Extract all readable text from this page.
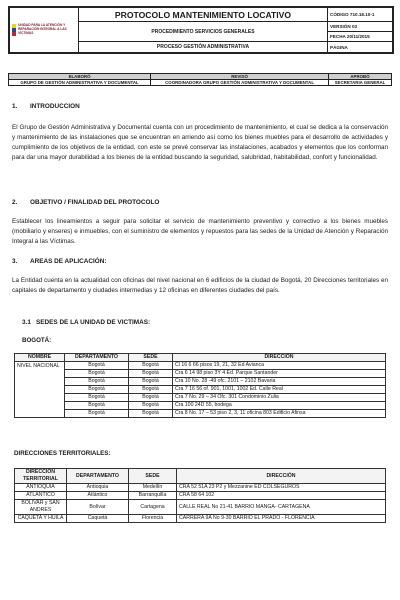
UNIDAD PARA LA ATENCIÓN Y REPARACIÓN INTEGRAL A LAS VÍCTIMAS	PROTOCOLO MANTENIMIENTO LOCATIVO	CÓDIGO 710.18.10-1
	PROCEDIMIENTO SERVICIOS GENERALES	VERSIÓN 03
		FECHA 20/11/2015
	PROCESO GESTIÓN ADMINISTRATIVA	PÁGINA
ELABORÓ	REVISÓ	APROBÓ
GRUPO DE GESTIÓN ADMINISTRATIVA Y DOCUMENTAL	COORDINADORA GRUPO GESTIÓN ADMINISTRATIVA Y DOCUMENTAL	SECRETARIA GENERAL
1. INTRODUCCION
El Grupo de Gestión Administrativa y Documental cuenta con un procedimiento de mantenimiento, el cual se dedica a la conservación y mantenimiento de las instalaciones que se encuentran en arriendo así como los bienes muebles para el desarrollo de actividades y cumplimiento de los objetivos de la entidad, con este se prevé conservar las instalaciones, acabados y elementos que los conforman para dar una mayor durabilidad a los bienes de la entidad buscando la seguridad, salubridad, habitabilidad, confort y funcionalidad.
2. OBJETIVO / FINALIDAD DEL PROTOCOLO
Establecer los lineamientos a seguir para solicitar el servicio de mantenimiento preventivo y correctivo a los bienes muebles (mobiliario y enseres) e inmuebles, con el suministro de elementos y repuestos para las sedes de la Unidad de Atención y Reparación Integral a las Víctimas.
3. AREAS DE APLICACIÓN:
La Entidad cuenta en la actualidad con oficinas del nivel nacional en 6 edificios de la ciudad de Bogotá, 20 Direcciones territoriales en capitales de departamento y ciudades intermedias y 12 oficinas en diferentes ciudades del país.
3.1 SEDES DE LA UNIDAD DE VICTIMAS:
BOGOTÁ:
NOMBRE	DEPARTAMENTO	SEDE	DIRECCIÓN
NIVEL NACIONAL	Bogotá	Bogotá	Cl 16 6 66 pisos 19, 21, 32 Ed Avianca
	Bogotá	Bogotá	Cra 6 14 98 piso 3Y 4 Ed. Parque Santander
	Bogotá	Bogotá	Cra 10 No. 28 -49 ofc. 2101 – 2102 Bavaria
	Bogotá	Bogotá	Cra 7 16 56 of. 901, 1001, 1002 Ed. Calle Real
	Bogotá	Bogotá	Cra 7 No. 29 – 34 Ofc. 301 Condominio Zulia
	Bogotá	Bogotá	Cra 100 24D 55, bodega
	Bogotá	Bogotá	Cra 8 No. 17 – 53 piso 2, 3, 11 oficina 803 Edificio Afinsa
DIRECCIONES TERRITORIALES:
DIRECCIÓN TERRITORIAL	DEPARTAMENTO	SEDE	DIRECCIÓN
ANTIOQUIA	Antioquia	Medellín	CRA 52 51A 23 P2 y Mezzanine ED COLSEGUROS
ATLANTICO	Atlántico	Barranquilla	CRA 58 64 102
BOLIVAR y SAN ANDRES	Bolívar	Cartagena	CALLE REAL No 21-41 BARRIO MANGA- CARTAGENA
CAQUETA Y HUILA	Caquetá	Florencia	CARRERA 9A No 9-30 BARRIO EL PRADO - FLORENCIA
